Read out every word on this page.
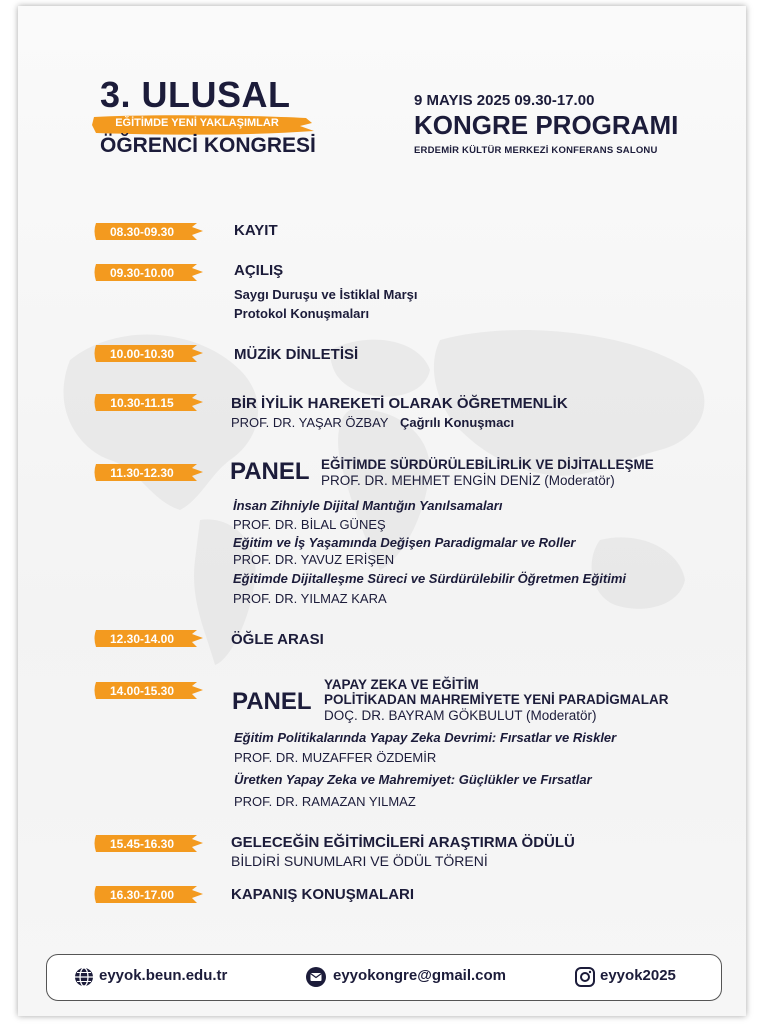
3. ULUSAL
EĞİTİMDE YENİ YAKLAŞIMLAR
ÖĞRENCİ KONGRESİ
9 MAYIS 2025 09.30-17.00
KONGRE PROGRAMI
ERDEMİR KÜLTÜR MERKEZİ KONFERANS SALONU
08.30-09.30	KAYIT
09.30-10.00	AÇILIŞ
Saygı Duruşu ve İstiklal Marşı
Protokol Konuşmaları
10.00-10.30	MÜZİK DİNLETİSİ
10.30-11.15	BİR İYİLİK HAREKETİ OLARAK ÖĞRETMENLİK
PROF. DR. YAŞAR ÖZBAY Çağrılı Konuşmacı
11.30-12.30	PANEL EĞİTİMDE SÜRDÜRÜLEBİLİRLİK VE DİJİTALLEŞME
PROF. DR. MEHMET ENGİN DENİZ (Moderatör)
İnsan Zihniyle Dijital Mantığın Yanılsamaları
PROF. DR. BİLAL GÜNEŞ
Eğitim ve İş Yaşamında Değişen Paradigmalar ve Roller
PROF. DR. YAVUZ ERİŞEN
Eğitimde Dijitalleşme Süreci ve Sürdürülebilir Öğretmen Eğitimi
PROF. DR. YILMAZ KARA
12.30-14.00	ÖĞLE ARASI
14.00-15.30	PANEL
YAPAY ZEKA VE EĞİTİM
POLİTİKADAN MAHREMİYETE YENİ PARADİGMALAR
DOÇ. DR. BAYRAM GÖKBULUT (Moderatör)
Eğitim Politikalarında Yapay Zeka Devrimi: Fırsatlar ve Riskler
PROF. DR. MUZAFFER ÖZDEMİR
Üretken Yapay Zeka ve Mahremiyet: Güçlükler ve Fırsatlar
PROF. DR. RAMAZAN YILMAZ
15.45-16.30	GELECEĞİN EĞİTİMCİLERİ ARAŞTIRMA ÖDÜLÜ
BİLDİRİ SUNUMLARI VE ÖDÜL TÖRENİ
16.30-17.00	KAPANIŞ KONUŞMALARI
eyyok.beun.edu.tr	eyyokongre@gmail.com	eyyok2025
